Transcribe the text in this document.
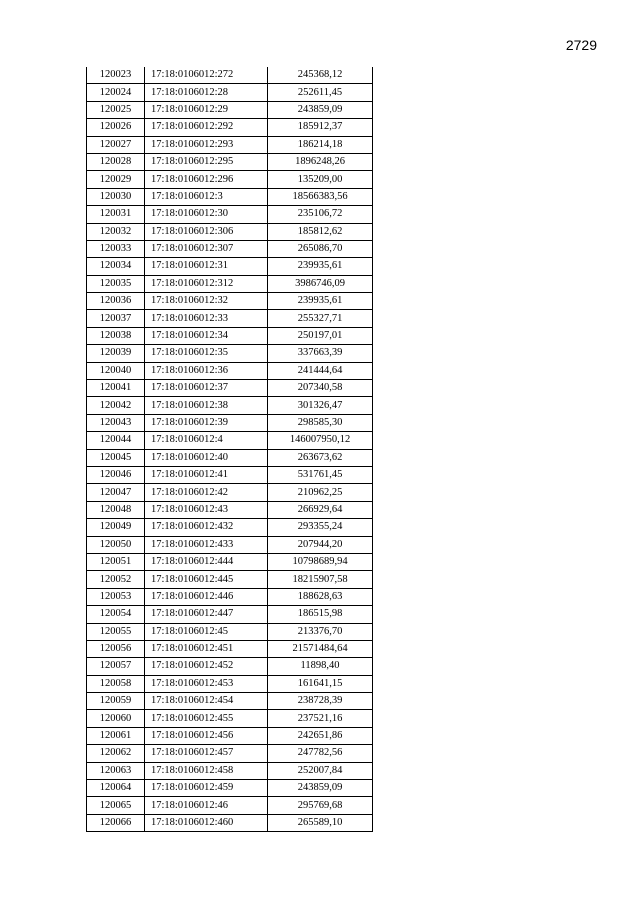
2729
120023	17:18:0106012:272	245368,12
120024	17:18:0106012:28	252611,45
120025	17:18:0106012:29	243859,09
120026	17:18:0106012:292	185912,37
120027	17:18:0106012:293	186214,18
120028	17:18:0106012:295	1896248,26
120029	17:18:0106012:296	135209,00
120030	17:18:0106012:3	18566383,56
120031	17:18:0106012:30	235106,72
120032	17:18:0106012:306	185812,62
120033	17:18:0106012:307	265086,70
120034	17:18:0106012:31	239935,61
120035	17:18:0106012:312	3986746,09
120036	17:18:0106012:32	239935,61
120037	17:18:0106012:33	255327,71
120038	17:18:0106012:34	250197,01
120039	17:18:0106012:35	337663,39
120040	17:18:0106012:36	241444,64
120041	17:18:0106012:37	207340,58
120042	17:18:0106012:38	301326,47
120043	17:18:0106012:39	298585,30
120044	17:18:0106012:4	146007950,12
120045	17:18:0106012:40	263673,62
120046	17:18:0106012:41	531761,45
120047	17:18:0106012:42	210962,25
120048	17:18:0106012:43	266929,64
120049	17:18:0106012:432	293355,24
120050	17:18:0106012:433	207944,20
120051	17:18:0106012:444	10798689,94
120052	17:18:0106012:445	18215907,58
120053	17:18:0106012:446	188628,63
120054	17:18:0106012:447	186515,98
120055	17:18:0106012:45	213376,70
120056	17:18:0106012:451	21571484,64
120057	17:18:0106012:452	11898,40
120058	17:18:0106012:453	161641,15
120059	17:18:0106012:454	238728,39
120060	17:18:0106012:455	237521,16
120061	17:18:0106012:456	242651,86
120062	17:18:0106012:457	247782,56
120063	17:18:0106012:458	252007,84
120064	17:18:0106012:459	243859,09
120065	17:18:0106012:46	295769,68
120066	17:18:0106012:460	265589,10
